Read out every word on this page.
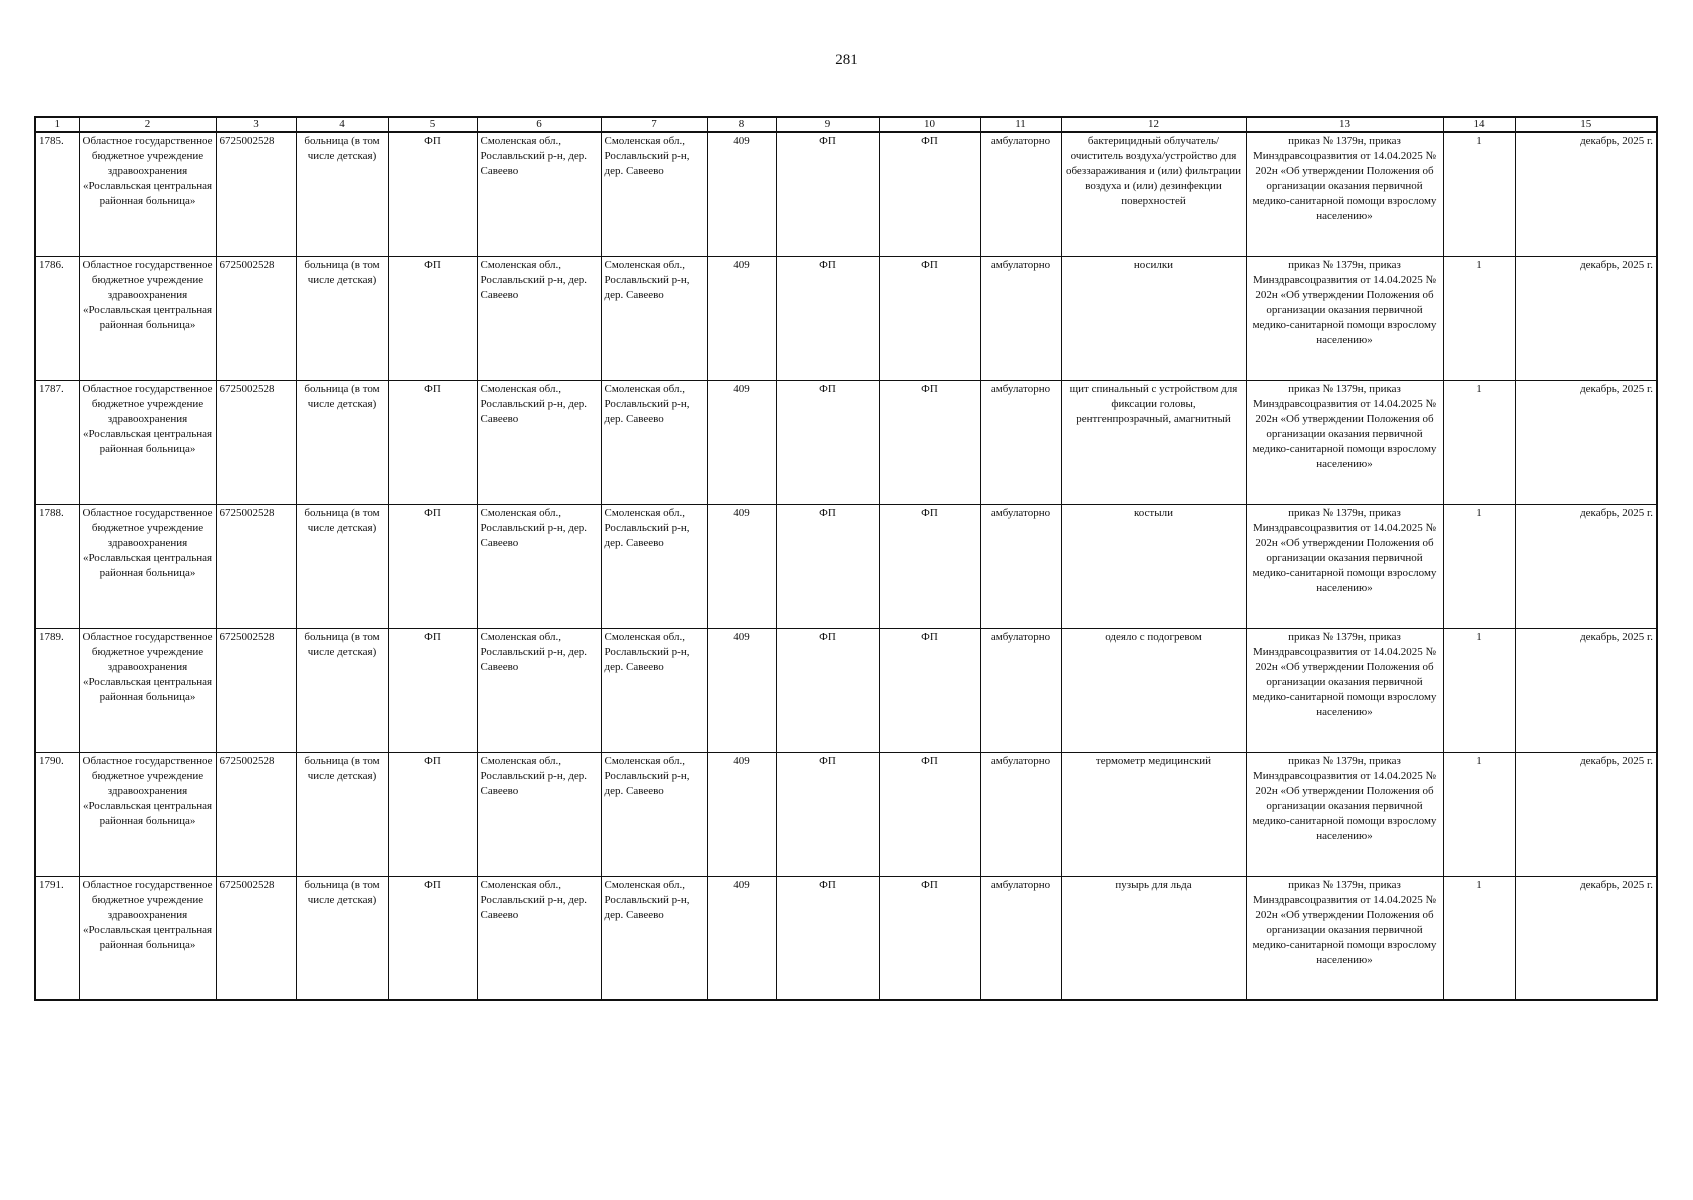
281
1	2	3	4	5	6	7	8	9	10	11	12	13	14	15
1785.	Областное государственное бюджетное учреждение здравоохранения «Рославльская центральная районная больница»	6725002528	больница (в том числе детская)	ФП	Смоленская обл., Рославльский р-н, дер. Савеево	Смоленская обл., Рославльский р-н, дер. Савеево	409	ФП	ФП	амбулаторно	бактерицидный облучатель/очиститель воздуха/устройство для обеззараживания и (или) фильтрации воздуха и (или) дезинфекции поверхностей	приказ № 1379н, приказ Минздравсоцразвития от 14.04.2025 № 202н «Об утверждении Положения об организации оказания первичной медико-санитарной помощи взрослому населению»	1	декабрь, 2025 г.
1786.	Областное государственное бюджетное учреждение здравоохранения «Рославльская центральная районная больница»	6725002528	больница (в том числе детская)	ФП	Смоленская обл., Рославльский р-н, дер. Савеево	Смоленская обл., Рославльский р-н, дер. Савеево	409	ФП	ФП	амбулаторно	носилки	приказ № 1379н, приказ Минздравсоцразвития от 14.04.2025 № 202н «Об утверждении Положения об организации оказания первичной медико-санитарной помощи взрослому населению»	1	декабрь, 2025 г.
1787.	Областное государственное бюджетное учреждение здравоохранения «Рославльская центральная районная больница»	6725002528	больница (в том числе детская)	ФП	Смоленская обл., Рославльский р-н, дер. Савеево	Смоленская обл., Рославльский р-н, дер. Савеево	409	ФП	ФП	амбулаторно	щит спинальный с устройством для фиксации головы, рентгенпрозрачный, амагнитный	приказ № 1379н, приказ Минздравсоцразвития от 14.04.2025 № 202н «Об утверждении Положения об организации оказания первичной медико-санитарной помощи взрослому населению»	1	декабрь, 2025 г.
1788.	Областное государственное бюджетное учреждение здравоохранения «Рославльская центральная районная больница»	6725002528	больница (в том числе детская)	ФП	Смоленская обл., Рославльский р-н, дер. Савеево	Смоленская обл., Рославльский р-н, дер. Савеево	409	ФП	ФП	амбулаторно	костыли	приказ № 1379н, приказ Минздравсоцразвития от 14.04.2025 № 202н «Об утверждении Положения об организации оказания первичной медико-санитарной помощи взрослому населению»	1	декабрь, 2025 г.
1789.	Областное государственное бюджетное учреждение здравоохранения «Рославльская центральная районная больница»	6725002528	больница (в том числе детская)	ФП	Смоленская обл., Рославльский р-н, дер. Савеево	Смоленская обл., Рославльский р-н, дер. Савеево	409	ФП	ФП	амбулаторно	одеяло с подогревом	приказ № 1379н, приказ Минздравсоцразвития от 14.04.2025 № 202н «Об утверждении Положения об организации оказания первичной медико-санитарной помощи взрослому населению»	1	декабрь, 2025 г.
1790.	Областное государственное бюджетное учреждение здравоохранения «Рославльская центральная районная больница»	6725002528	больница (в том числе детская)	ФП	Смоленская обл., Рославльский р-н, дер. Савеево	Смоленская обл., Рославльский р-н, дер. Савеево	409	ФП	ФП	амбулаторно	термометр медицинский	приказ № 1379н, приказ Минздравсоцразвития от 14.04.2025 № 202н «Об утверждении Положения об организации оказания первичной медико-санитарной помощи взрослому населению»	1	декабрь, 2025 г.
1791.	Областное государственное бюджетное учреждение здравоохранения «Рославльская центральная районная больница»	6725002528	больница (в том числе детская)	ФП	Смоленская обл., Рославльский р-н, дер. Савеево	Смоленская обл., Рославльский р-н, дер. Савеево	409	ФП	ФП	амбулаторно	пузырь для льда	приказ № 1379н, приказ Минздравсоцразвития от 14.04.2025 № 202н «Об утверждении Положения об организации оказания первичной медико-санитарной помощи взрослому населению»	1	декабрь, 2025 г.
